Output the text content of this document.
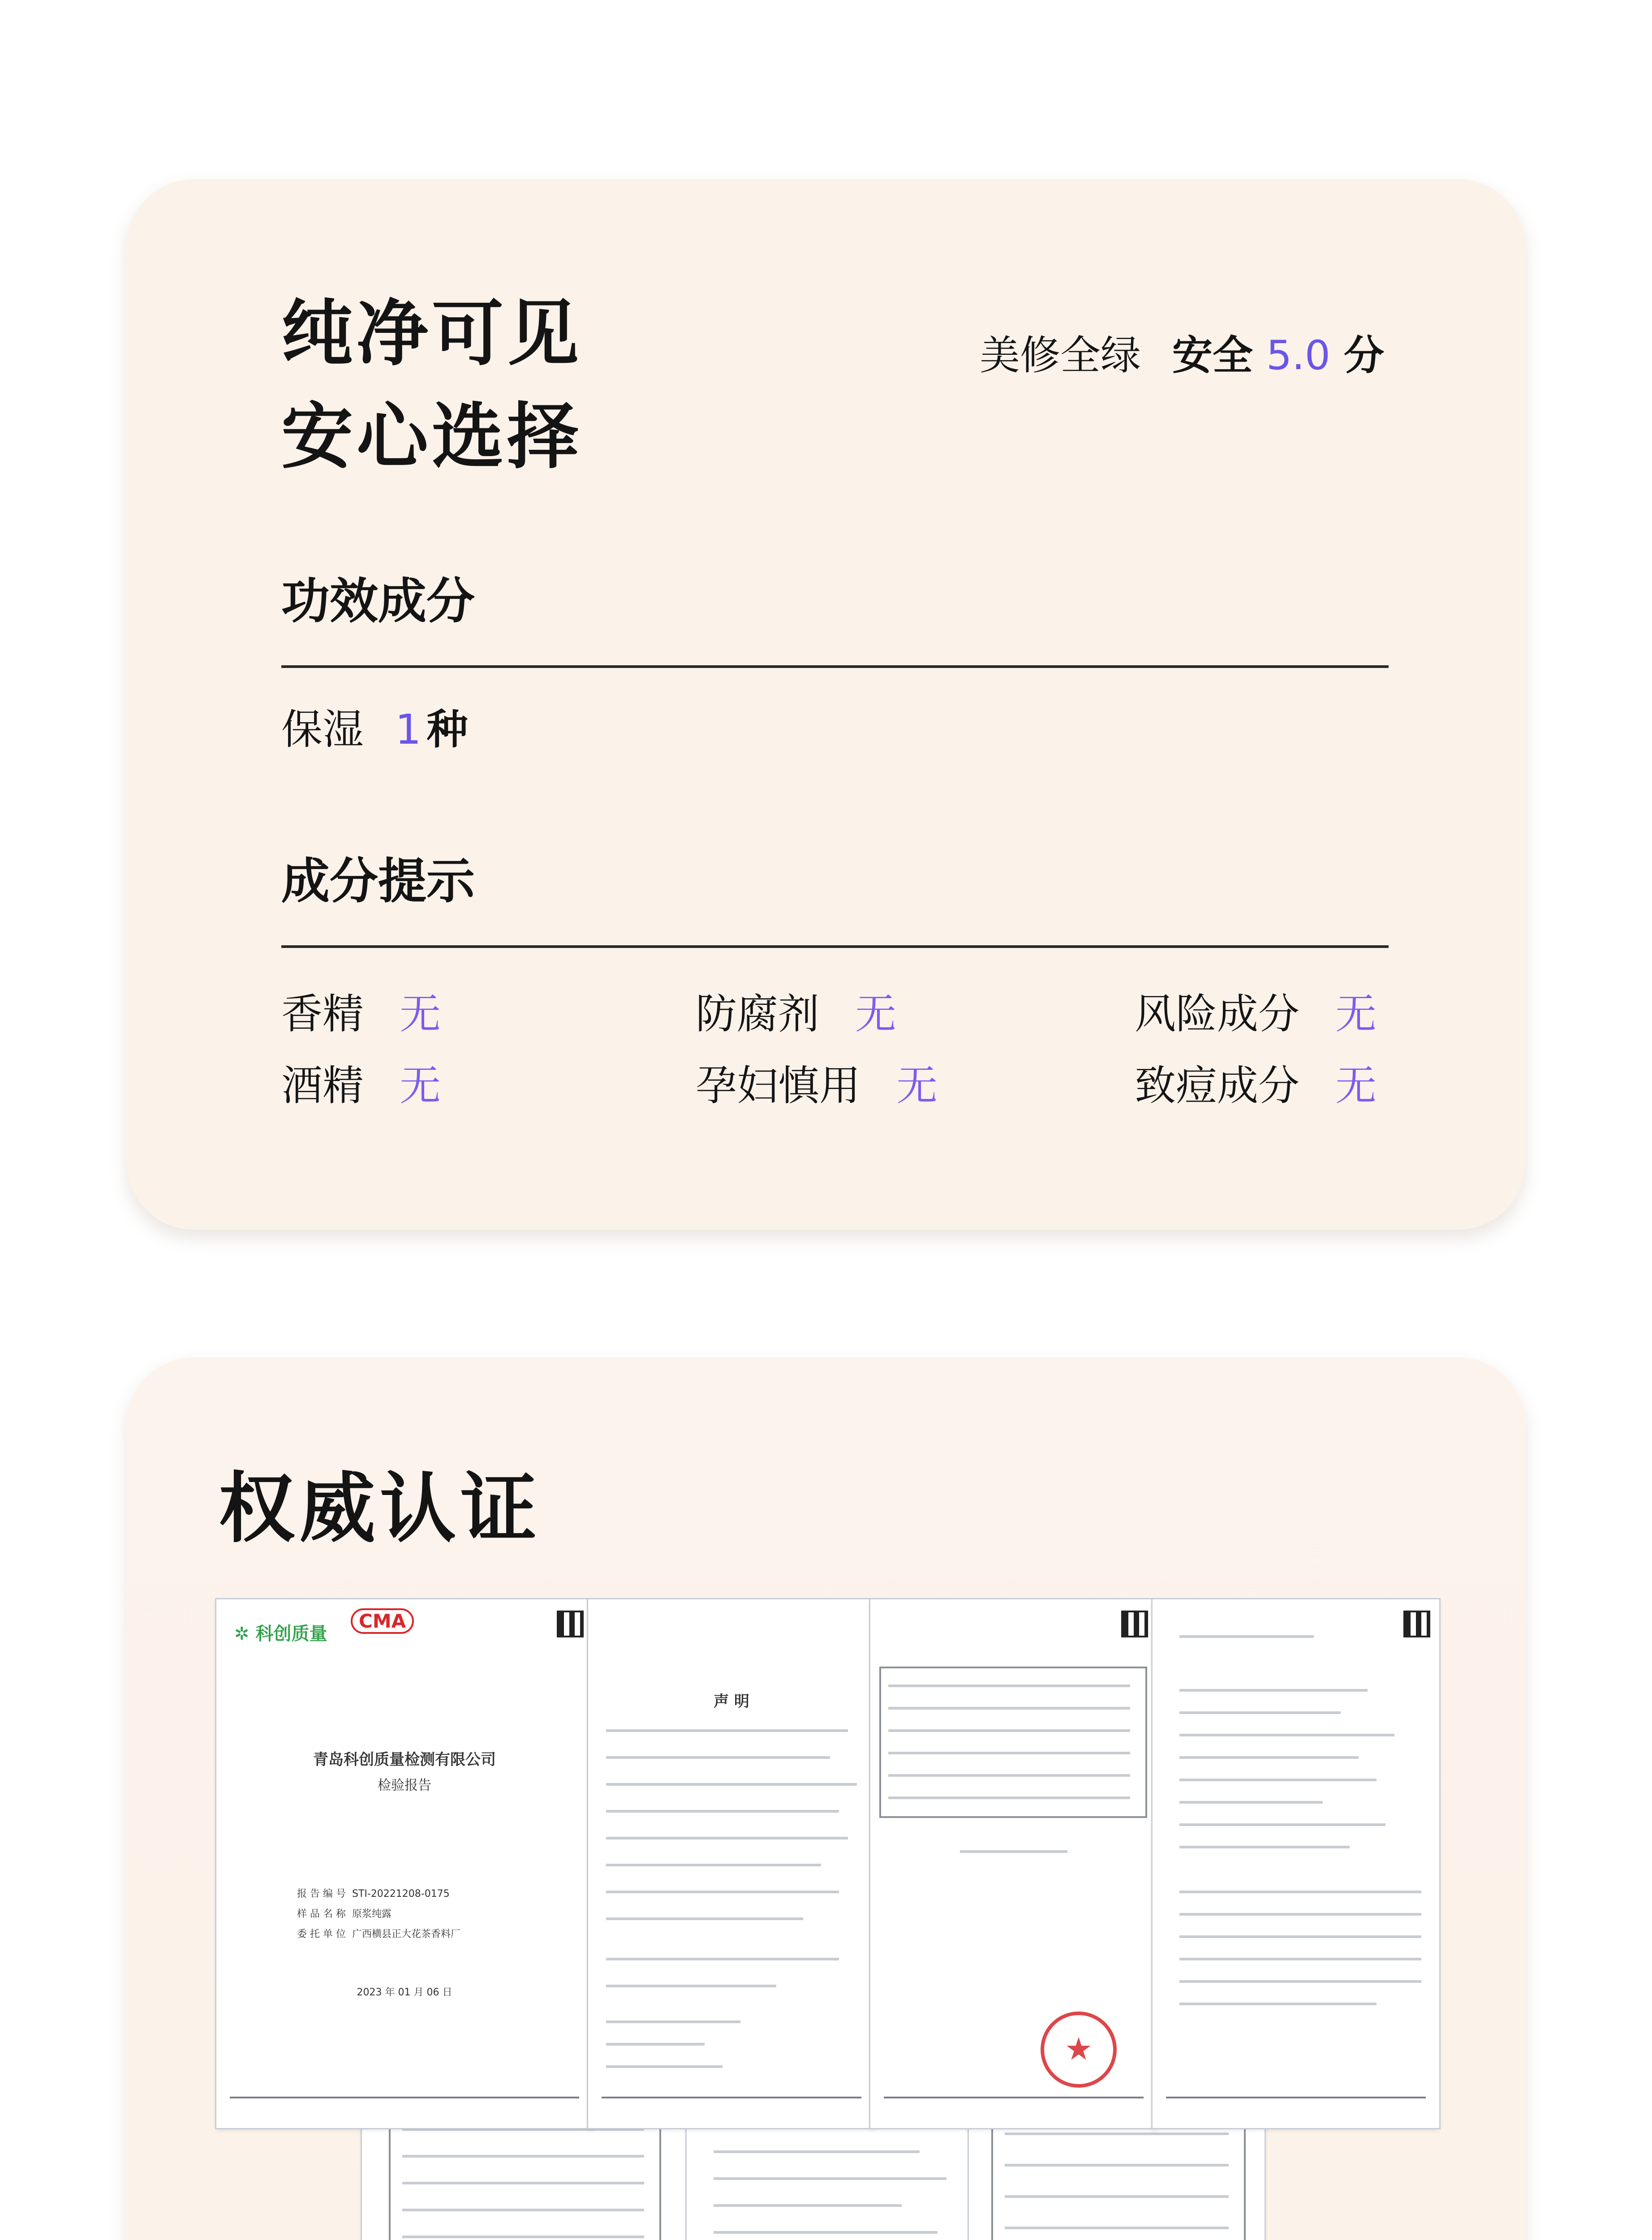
纯净可见
安心选择
美修全绿 安全 5.0 分
功效成分
保湿 1 种
成分提示
香精 无	防腐剂 无	风险成分 无
酒精 无	孕妇慎用 无	致痘成分 无
权威认证
✲ 科创质量
CMA
青岛科创质量检测有限公司
检验报告
报 告 编 号 STI-20221208-0175
样 品 名 称 原浆纯露
委 托 单 位 广西横县正大花茶香料厂
2023 年 01 月 06 日
声 明
★
